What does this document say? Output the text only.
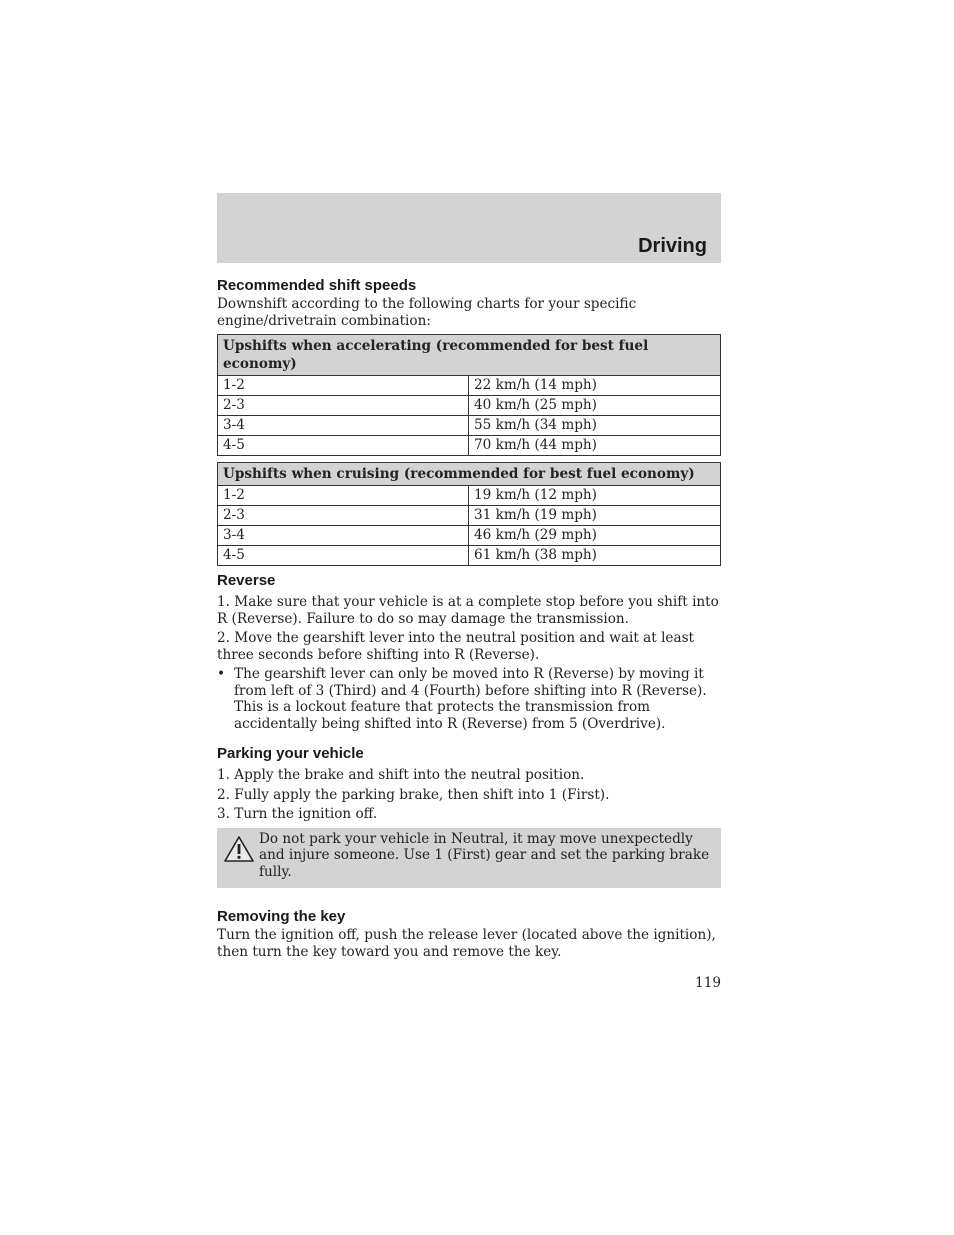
Driving
Recommended shift speeds

Downshift according to the following charts for your specific engine/drivetrain combination:

Upshifts when accelerating (recommended for best fuel economy)	
1-2	22 km/h (14 mph)
2-3	40 km/h (25 mph)
3-4	55 km/h (34 mph)
4-5	70 km/h (44 mph)
Upshifts when cruising (recommended for best fuel economy)	
1-2	19 km/h (12 mph)
2-3	31 km/h (19 mph)
3-4	46 km/h (29 mph)
4-5	61 km/h (38 mph)
Reverse

1. Make sure that your vehicle is at a complete stop before you shift into R (Reverse). Failure to do so may damage the transmission.

2. Move the gearshift lever into the neutral position and wait at least three seconds before shifting into R (Reverse).

• The gearshift lever can only be moved into R (Reverse) by moving it from left of 3 (Third) and 4 (Fourth) before shifting into R (Reverse). This is a lockout feature that protects the transmission from accidentally being shifted into R (Reverse) from 5 (Overdrive).
Parking your vehicle

1. Apply the brake and shift into the neutral position.

2. Fully apply the parking brake, then shift into 1 (First).

3. Turn the ignition off.

Do not park your vehicle in Neutral, it may move unexpectedly and injure someone. Use 1 (First) gear and set the parking brake fully.
Removing the key

Turn the ignition off, push the release lever (located above the ignition), then turn the key toward you and remove the key.

119
